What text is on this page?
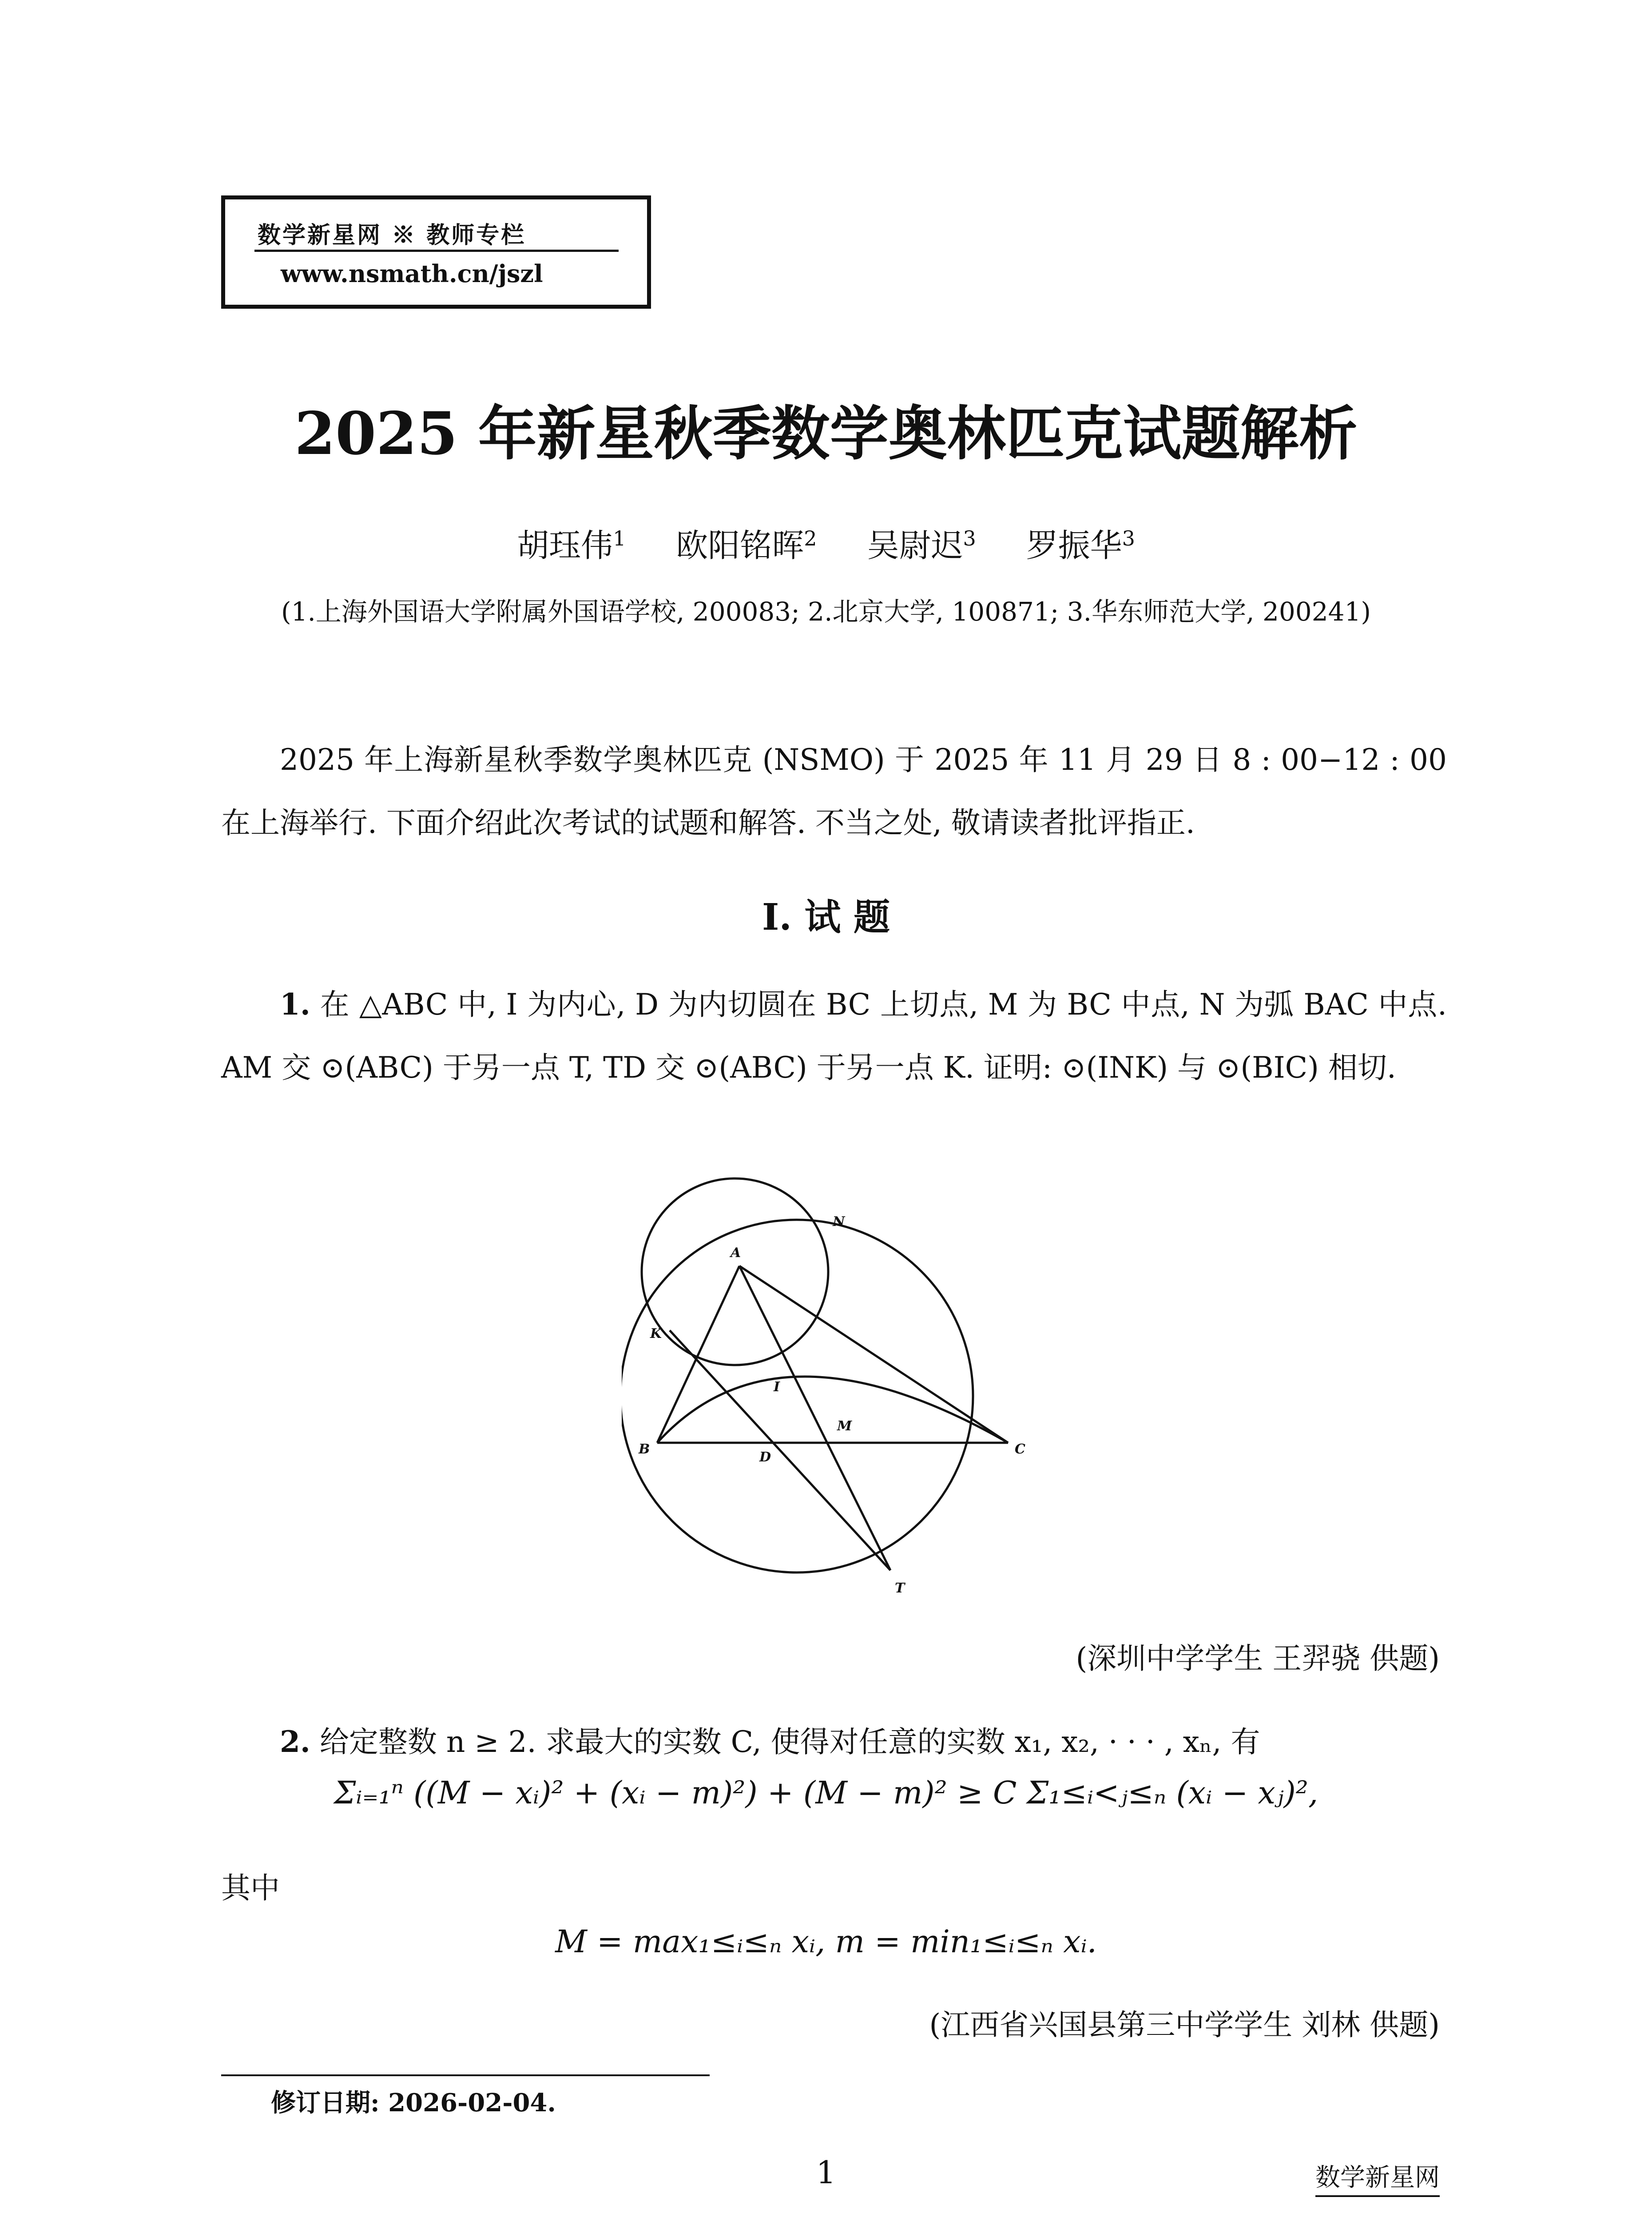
数学新星网 ※ 教师专栏
www.nsmath.cn/jszl
2025 年新星秋季数学奥林匹克试题解析
胡珏伟$^1$ 欧阳铭晖$^2$ 吴尉迟$^3$ 罗振华$^3$
(1.上海外国语大学附属外国语学校, 200083; 2.北京大学, 100871; 3.华东师范大学, 200241)
2025 年上海新星秋季数学奥林匹克 (NSMO) 于 2025 年 11 月 29 日 8 : 00−12 : 00 在上海举行. 下面介绍此次考试的试题和解答. 不当之处, 敬请读者批评指正.
I. 试 题
1. 在 △ABC 中, I 为内心, D 为内切圆在 BC 上切点, M 为 BC 中点, N 为弧 BAC 中点. AM 交 ⊙(ABC) 于另一点 T, TD 交 ⊙(ABC) 于另一点 K. 证明: ⊙(INK) 与 ⊙(BIC) 相切.
A
N
K
I
M
B	C
D
T
(深圳中学学生 王羿骁 供题)
2. 给定整数 n ≥ 2. 求最大的实数 C, 使得对任意的实数 x₁, x₂, · · · , xₙ, 有
Σᵢ₌₁ⁿ ((M − xᵢ)² + (xᵢ − m)²) + (M − m)² ≥ C Σ₁≤ᵢ<ⱼ≤ₙ (xᵢ − xⱼ)²,
其中
M = max₁≤ᵢ≤ₙ xᵢ, m = min₁≤ᵢ≤ₙ xᵢ.
(江西省兴国县第三中学学生 刘林 供题)
修订日期: 2026-02-04.
1	数学新星网
